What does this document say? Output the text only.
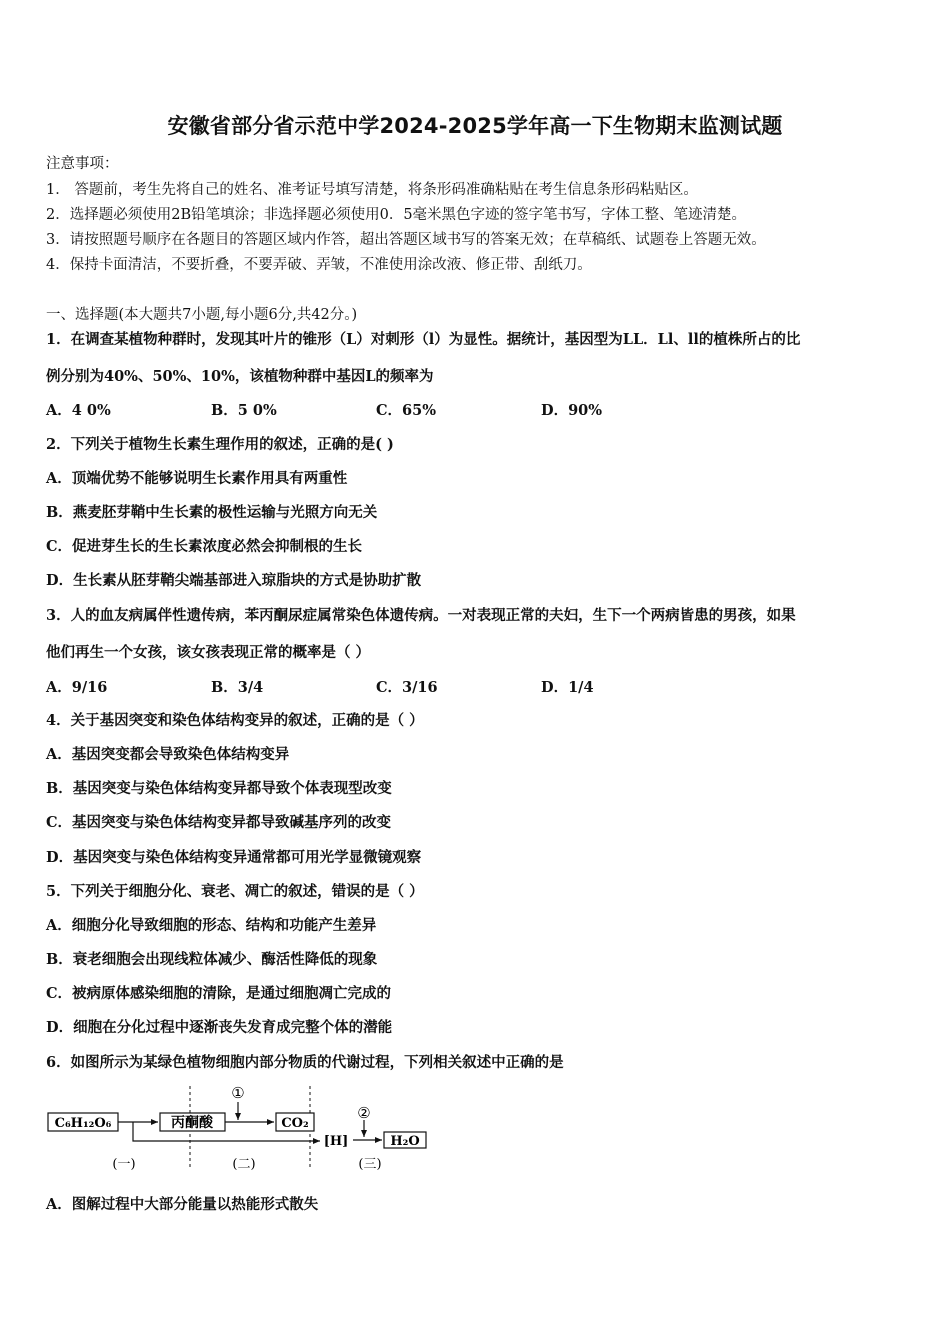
安徽省部分省示范中学2024-2025学年高一下生物期末监测试题
注意事项：
1． 答题前，考生先将自己的姓名、准考证号填写清楚，将条形码准确粘贴在考生信息条形码粘贴区。
2．选择题必须使用2B铅笔填涂；非选择题必须使用0．5毫米黑色字迹的签字笔书写，字体工整、笔迹清楚。
3．请按照题号顺序在各题目的答题区域内作答，超出答题区域书写的答案无效；在草稿纸、试题卷上答题无效。
4．保持卡面清洁，不要折叠，不要弄破、弄皱，不准使用涂改液、修正带、刮纸刀。
一、选择题(本大题共7小题,每小题6分,共42分。)
1．在调查某植物种群时，发现其叶片的锥形（L）对刺形（l）为显性。据统计，基因型为LL．Ll、ll的植株所占的比
例分别为40%、50%、10%，该植物种群中基因L的频率为
A．4 0%	B．5 0%	C．65%	D．90%
2．下列关于植物生长素生理作用的叙述，正确的是( )
A．顶端优势不能够说明生长素作用具有两重性
B．燕麦胚芽鞘中生长素的极性运输与光照方向无关
C．促进芽生长的生长素浓度必然会抑制根的生长
D．生长素从胚芽鞘尖端基部进入琼脂块的方式是协助扩散
3．人的血友病属伴性遗传病，苯丙酮尿症属常染色体遗传病。一对表现正常的夫妇，生下一个两病皆患的男孩，如果
他们再生一个女孩，该女孩表现正常的概率是（ ）
A．9/16	B．3/4	C．3/16	D．1/4
4．关于基因突变和染色体结构变异的叙述，正确的是（ ）
A．基因突变都会导致染色体结构变异
B．基因突变与染色体结构变异都导致个体表现型改变
C．基因突变与染色体结构变异都导致碱基序列的改变
D．基因突变与染色体结构变异通常都可用光学显微镜观察
5．下列关于细胞分化、衰老、凋亡的叙述，错误的是（ ）
A．细胞分化导致细胞的形态、结构和功能产生差异
B．衰老细胞会出现线粒体减少、酶活性降低的现象
C．被病原体感染细胞的清除，是通过细胞凋亡完成的
D．细胞在分化过程中逐渐丧失发育成完整个体的潜能
6．如图所示为某绿色植物细胞内部分物质的代谢过程，下列相关叙述中正确的是
C₆H₁₂O₆	丙酮酸	CO₂
H₂O
[H]
①
②
(一)	(二)	(三)
A．图解过程中大部分能量以热能形式散失
